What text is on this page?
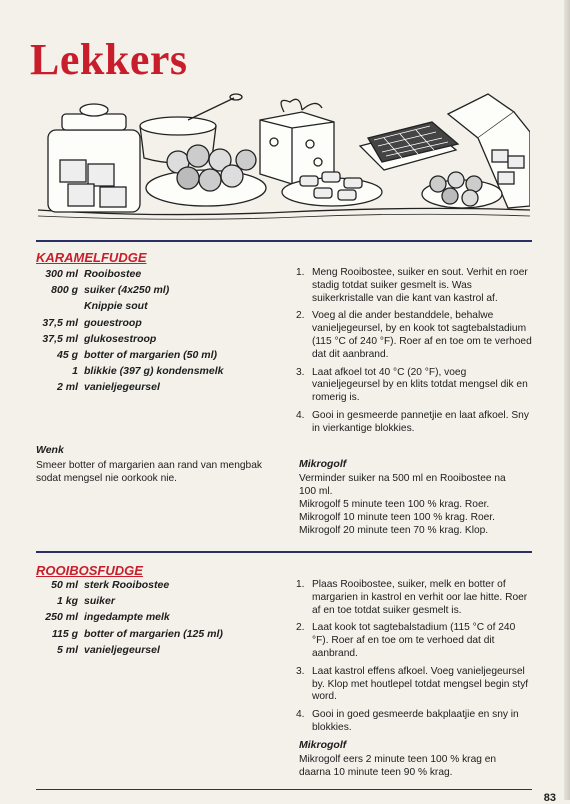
Lekkers
KARAMELFUDGE
300 ml Rooibostee
800 g suiker (4x250 ml)
Knippie sout
37,5 ml gouestroop
37,5 ml glukosestroop
45 g botter of margarien (50 ml)
1 blikkie (397 g) kondensmelk
2 ml vanieljegeursel
1. Meng Rooibostee, suiker en sout. Verhit en roer stadig totdat suiker gesmelt is. Was suikerkristalle van die kant van kastrol af.
2. Voeg al die ander bestanddele, behalwe vanieljegeursel, by en kook tot sagtebalstadium (115 °C of 240 °F). Roer af en toe om te verhoed dat dit aanbrand.
3. Laat afkoel tot 40 °C (20 °F), voeg vanieljegeursel by en klits totdat mengsel dik en romerig is.
4. Gooi in gesmeerde pannetjie en laat afkoel. Sny in vierkantige blokkies.
Wenk
Smeer botter of margarien aan rand van mengbak sodat mengsel nie oorkook nie.
Mikrogolf
Verminder suiker na 500 ml en Rooibostee na
100 ml.
Mikrogolf 5 minute teen 100 % krag. Roer.
Mikrogolf 10 minute teen 100 % krag. Roer.
Mikrogolf 20 minute teen 70 % krag. Klop.
ROOIBOSFUDGE
50 ml sterk Rooibostee
1 kg suiker
250 ml ingedampte melk
115 g botter of margarien (125 ml)
5 ml vanieljegeursel
1. Plaas Rooibostee, suiker, melk en botter of margarien in kastrol en verhit oor lae hitte. Roer af en toe totdat suiker gesmelt is.
2. Laat kook tot sagtebalstadium (115 °C of 240 °F). Roer af en toe om te verhoed dat dit aanbrand.
3. Laat kastrol effens afkoel. Voeg vanieljegeursel by. Klop met houtlepel totdat mengsel begin styf word.
4. Gooi in goed gesmeerde bakplaatjie en sny in blokkies.
Mikrogolf
Mikrogolf eers 2 minute teen 100 % krag en
daarna 10 minute teen 90 % krag.
83
